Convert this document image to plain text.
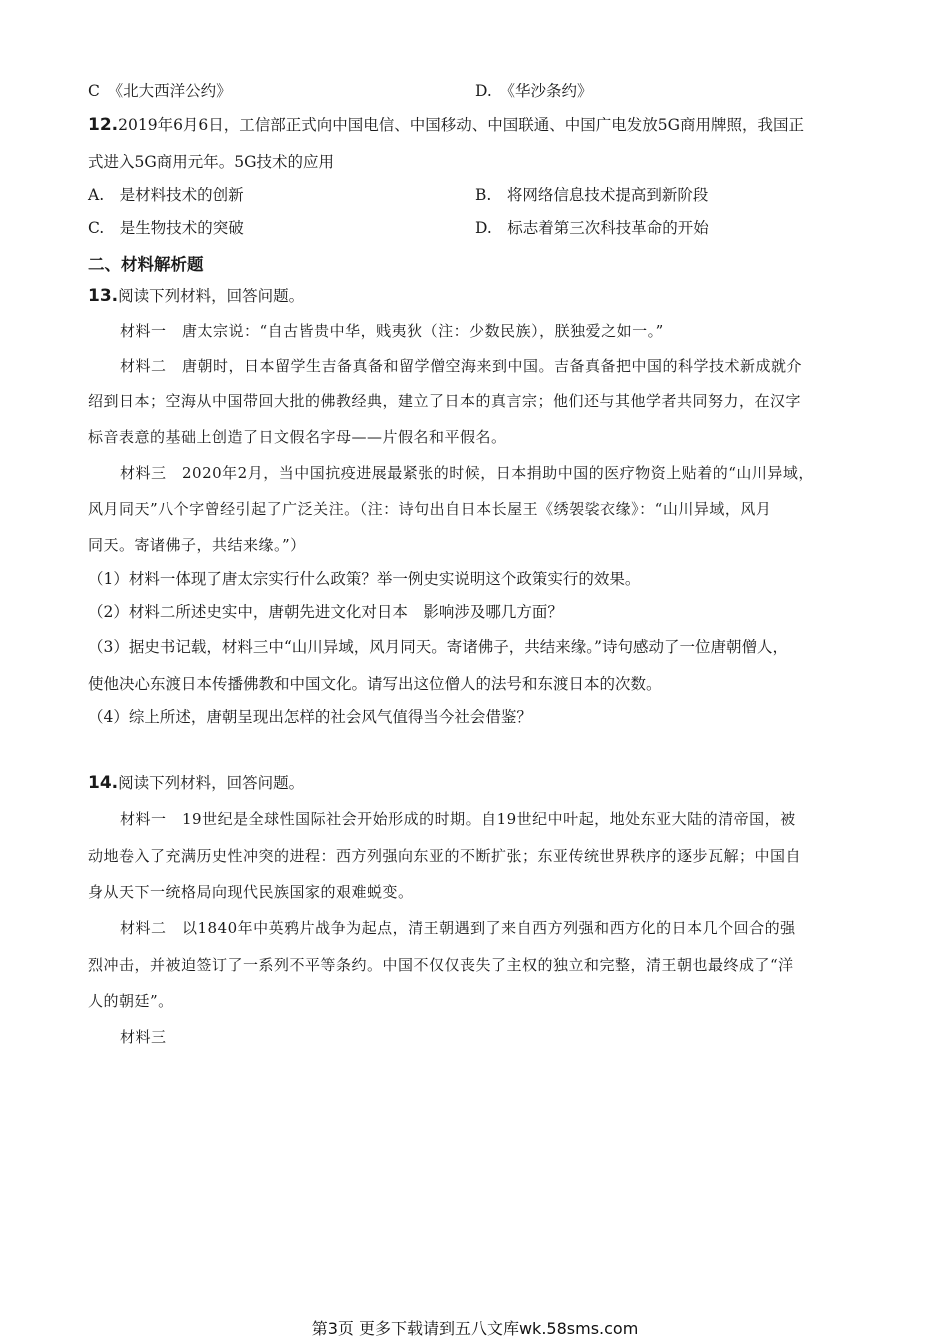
C　《北大西洋公约》	D.　《华沙条约》
12.2019年6月6日，工信部正式向中国电信、中国移动、中国联通、中国广电发放5G商用牌照，我国正
式进入5G商用元年。5G技术的应用
A.　是材料技术的创新	B.　将网络信息技术提高到新阶段
C.　是生物技术的突破	D.　标志着第三次科技革命的开始
二、材料解析题
13.阅读下列材料，回答问题。
材料一　唐太宗说：“自古皆贵中华，贱夷狄（注：少数民族），朕独爱之如一。”
材料二　唐朝时，日本留学生吉备真备和留学僧空海来到中国。吉备真备把中国的科学技术新成就介
绍到日本；空海从中国带回大批的佛教经典，建立了日本的真言宗；他们还与其他学者共同努力，在汉字
标音表意的基础上创造了日文假名字母——片假名和平假名。
材料三　2020年2月，当中国抗疫进展最紧张的时候，日本捐助中国的医疗物资上贴着的“山川异域，
风月同天”八个字曾经引起了广泛关注。（注：诗句出自日本长屋王《绣袈裟衣缘》：“山川异域，风月
同天。寄诸佛子，共结来缘。”）
（1）材料一体现了唐太宗实行什么政策？举一例史实说明这个政策实行的效果。
（2）材料二所述史实中，唐朝先进文化对日本　影响涉及哪几方面？
（3）据史书记载，材料三中“山川异域，风月同天。寄诸佛子，共结来缘。”诗句感动了一位唐朝僧人，
使他决心东渡日本传播佛教和中国文化。请写出这位僧人的法号和东渡日本的次数。
（4）综上所述，唐朝呈现出怎样的社会风气值得当今社会借鉴？
14.阅读下列材料，回答问题。
材料一　19世纪是全球性国际社会开始形成的时期。自19世纪中叶起，地处东亚大陆的清帝国，被
动地卷入了充满历史性冲突的进程：西方列强向东亚的不断扩张；东亚传统世界秩序的逐步瓦解；中国自
身从天下一统格局向现代民族国家的艰难蜕变。
材料二　以1840年中英鸦片战争为起点，清王朝遇到了来自西方列强和西方化的日本几个回合的强
烈冲击，并被迫签订了一系列不平等条约。中国不仅仅丧失了主权的独立和完整，清王朝也最终成了“洋
人的朝廷”。
材料三
第3页 更多下载请到五八文库wk.58sms.com
